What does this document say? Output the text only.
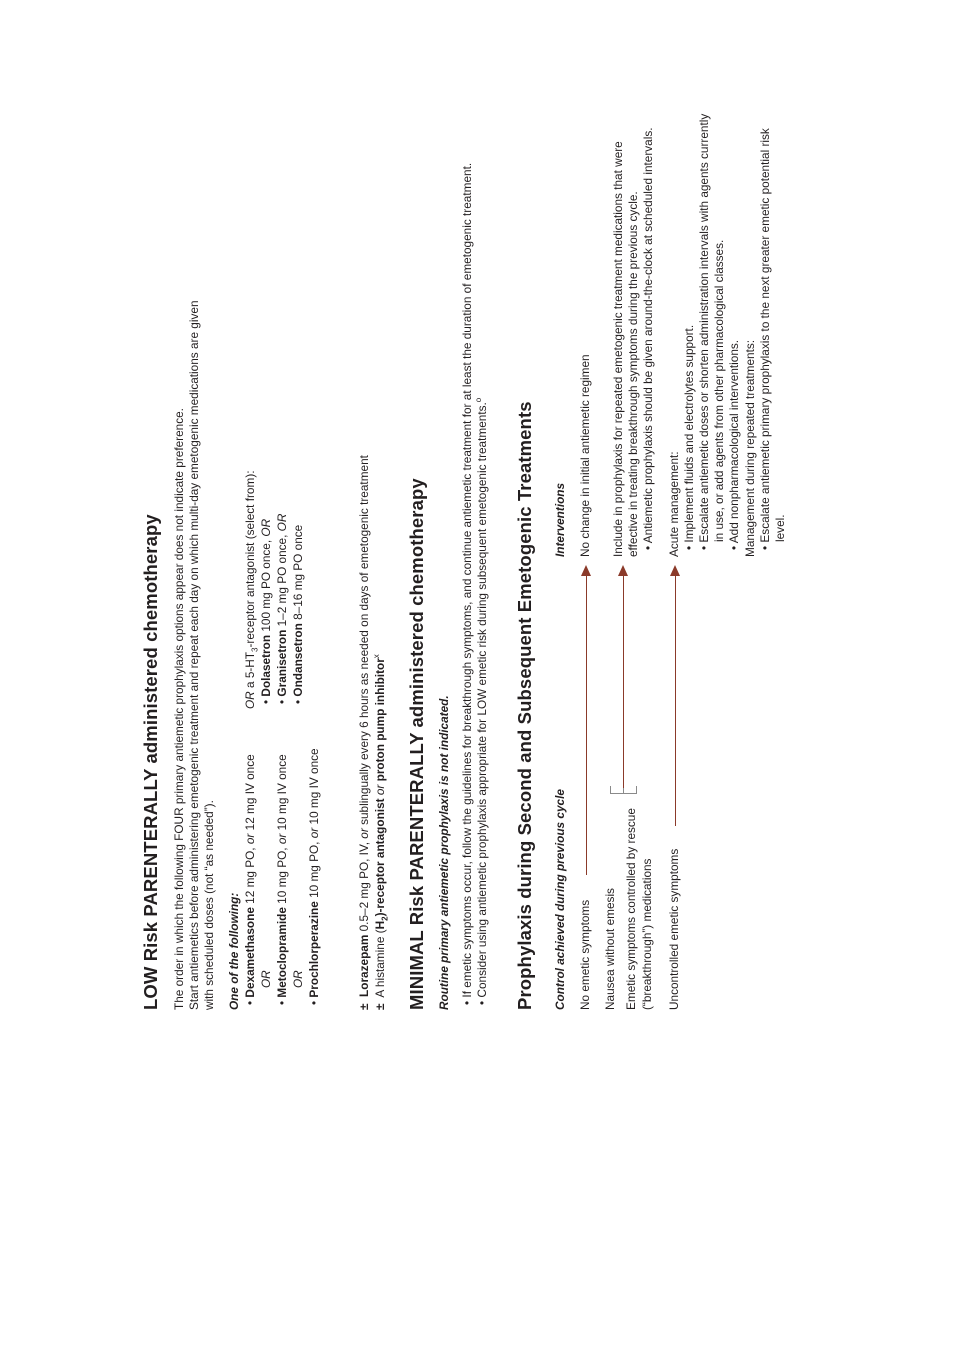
LOW Risk PARENTERALLY administered chemotherapy The order in which the following FOUR primary antiemetic prophylaxis options appear does not indicate preference. Start antiemetics before administering emetogenic treatment and repeat each day on which multi-day emetogenic medications are given with scheduled doses (not “as needed”). One of the following: • Dexamethasone 12 mg PO, or 12 mg IV once
OR
• Metoclopramide 10 mg PO, or 10 mg IV once
OR
• Prochlorperazine 10 mg PO, or 10 mg IV once
OR a $5-HT_3$-receptor antagonist (select from):
• Dolasetron 100 mg PO once, OR
• Granisetron 1–2 mg PO once, OR
• Ondansetron 8–16 mg PO once
±  Lorazepam 0.5–2 mg PO, IV, or sublingually every 6 hours as needed on days of emetogenic treatment
±  A histamine $(H_2)$-receptor antagonist or proton pump inhibitor$^x$	MINIMAL Risk PARENTERALLY administered chemotherapy Routine primary antiemetic prophylaxis is not indicated. • If emetic symptoms occur, follow the guidelines for breakthrough symptoms, and continue antiemetic treatment for at least the duration of emetogenic treatment.
• Consider using antiemetic prophylaxis appropriate for LOW emetic risk during subsequent emetogenic treatments.$^o$
Prophylaxis during Second and Subsequent Emetogenic Treatments Control achieved during previous cycle
Interventions
No emetic symptoms Nausea without emesis Emetic symptoms controlled by rescue (“breakthrough”) medications Uncontrolled emetic symptoms
No change in initial antiemetic regimen Include in prophylaxis for repeated emetogenic treatment medications that were effective in treating breakthrough symptoms during the previous cycle. • Antiemetic prophylaxis should be given around-the-clock at scheduled intervals. Acute management: • Implement fluids and electrolytes support.
• Escalate antiemetic doses or shorten administration intervals with agents currently in use, or add agents from other pharmacological classes.
• Add nonpharmacological interventions. Management during repeated treatments: • Escalate antiemetic primary prophylaxis to the next greater emetic potential risk level.
